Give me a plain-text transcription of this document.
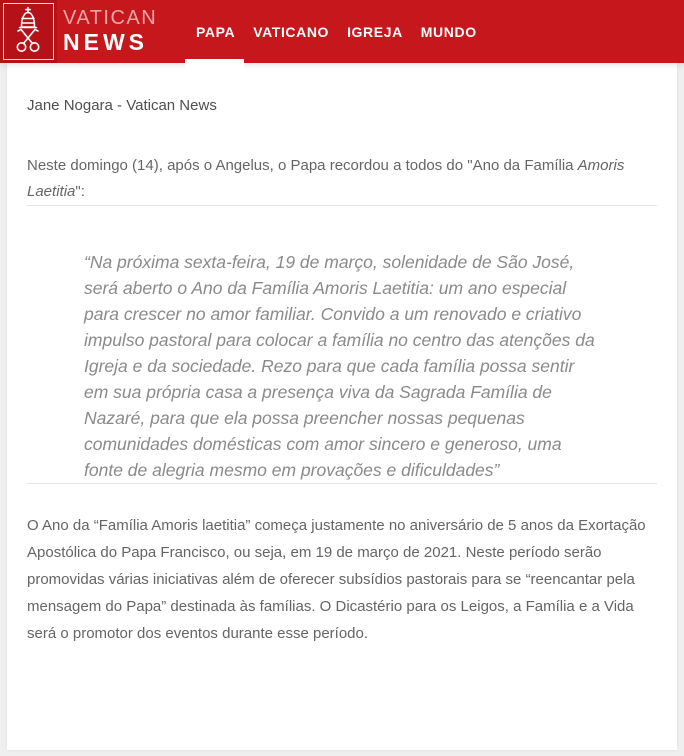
VATICAN
NEWS	PAPA	VATICANO	IGREJA	MUNDO

Jane Nogara - Vatican News

Neste domingo (14), após o Angelus, o Papa recordou a todos do "Ano da Família Amoris Laetitia":

“Na próxima sexta-feira, 19 de março, solenidade de São José, será aberto o Ano da Família Amoris Laetitia: um ano especial para crescer no amor familiar. Convido a um renovado e criativo impulso pastoral para colocar a família no centro das atenções da Igreja e da sociedade. Rezo para que cada família possa sentir em sua própria casa a presença viva da Sagrada Família de Nazaré, para que ela possa preencher nossas pequenas comunidades domésticas com amor sincero e generoso, uma fonte de alegria mesmo em provações e dificuldades”

O Ano da “Família Amoris laetitia” começa justamente no aniversário de 5 anos da Exortação Apostólica do Papa Francisco, ou seja, em 19 de março de 2021. Neste período serão promovidas várias iniciativas além de oferecer subsídios pastorais para se “reencantar pela mensagem do Papa” destinada às famílias. O Dicastério para os Leigos, a Família e a Vida será o promotor dos eventos durante esse período.
